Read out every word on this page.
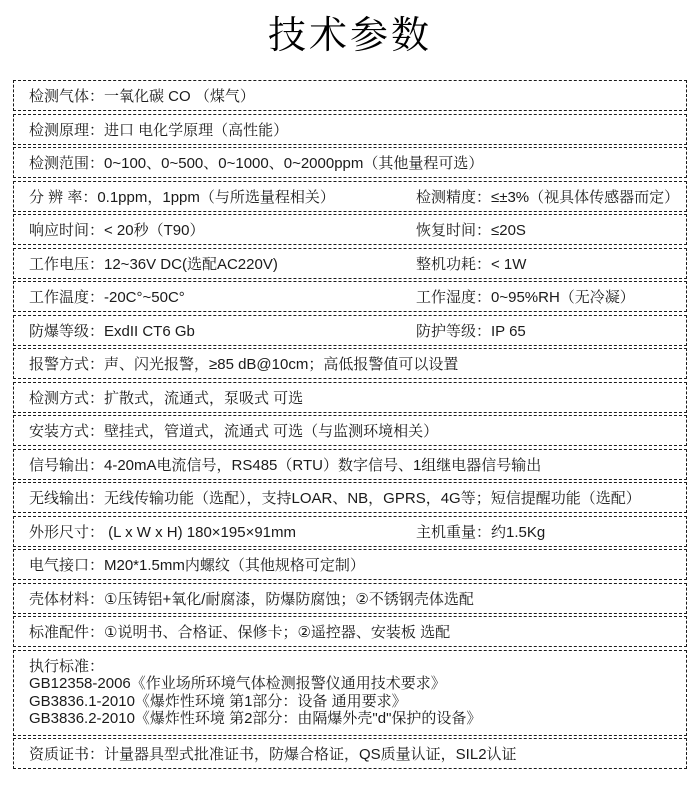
技术参数
检测气体：一氧化碳 CO （煤气）
检测原理：进口 电化学原理（高性能）
检测范围：0~100、0~500、0~1000、0~2000ppm（其他量程可选）
分 辨 率：0.1ppm，1ppm（与所选量程相关）	检测精度：≤±3%（视具体传感器而定）
响应时间：< 20秒（T90）	恢复时间：≤20S
工作电压：12~36V DC(选配AC220V)	整机功耗：< 1W
工作温度：-20C°~50C°	工作湿度：0~95%RH（无冷凝）
防爆等级：ExdII CT6 Gb	防护等级：IP 65
报警方式：声、闪光报警，≥85 dB@10cm；高低报警值可以设置
检测方式：扩散式，流通式，泵吸式 可选
安装方式：壁挂式，管道式，流通式 可选（与监测环境相关）
信号输出：4-20mA电流信号，RS485（RTU）数字信号、1组继电器信号输出
无线输出：无线传输功能（选配），支持LOAR、NB，GPRS，4G等；短信提醒功能（选配）
外形尺寸： (L x W x H) 180×195×91mm	主机重量：约1.5Kg
电气接口：M20*1.5mm内螺纹（其他规格可定制）
壳体材料：①压铸铝+氧化/耐腐漆，防爆防腐蚀；②不锈钢壳体选配
标准配件：①说明书、合格证、保修卡；②遥控器、安装板 选配
执行标准：
GB12358-2006《作业场所环境气体检测报警仪通用技术要求》
GB3836.1-2010《爆炸性环境 第1部分：设备 通用要求》
GB3836.2-2010《爆炸性环境 第2部分：由隔爆外壳"d"保护的设备》
资质证书：计量器具型式批准证书，防爆合格证，QS质量认证，SIL2认证
